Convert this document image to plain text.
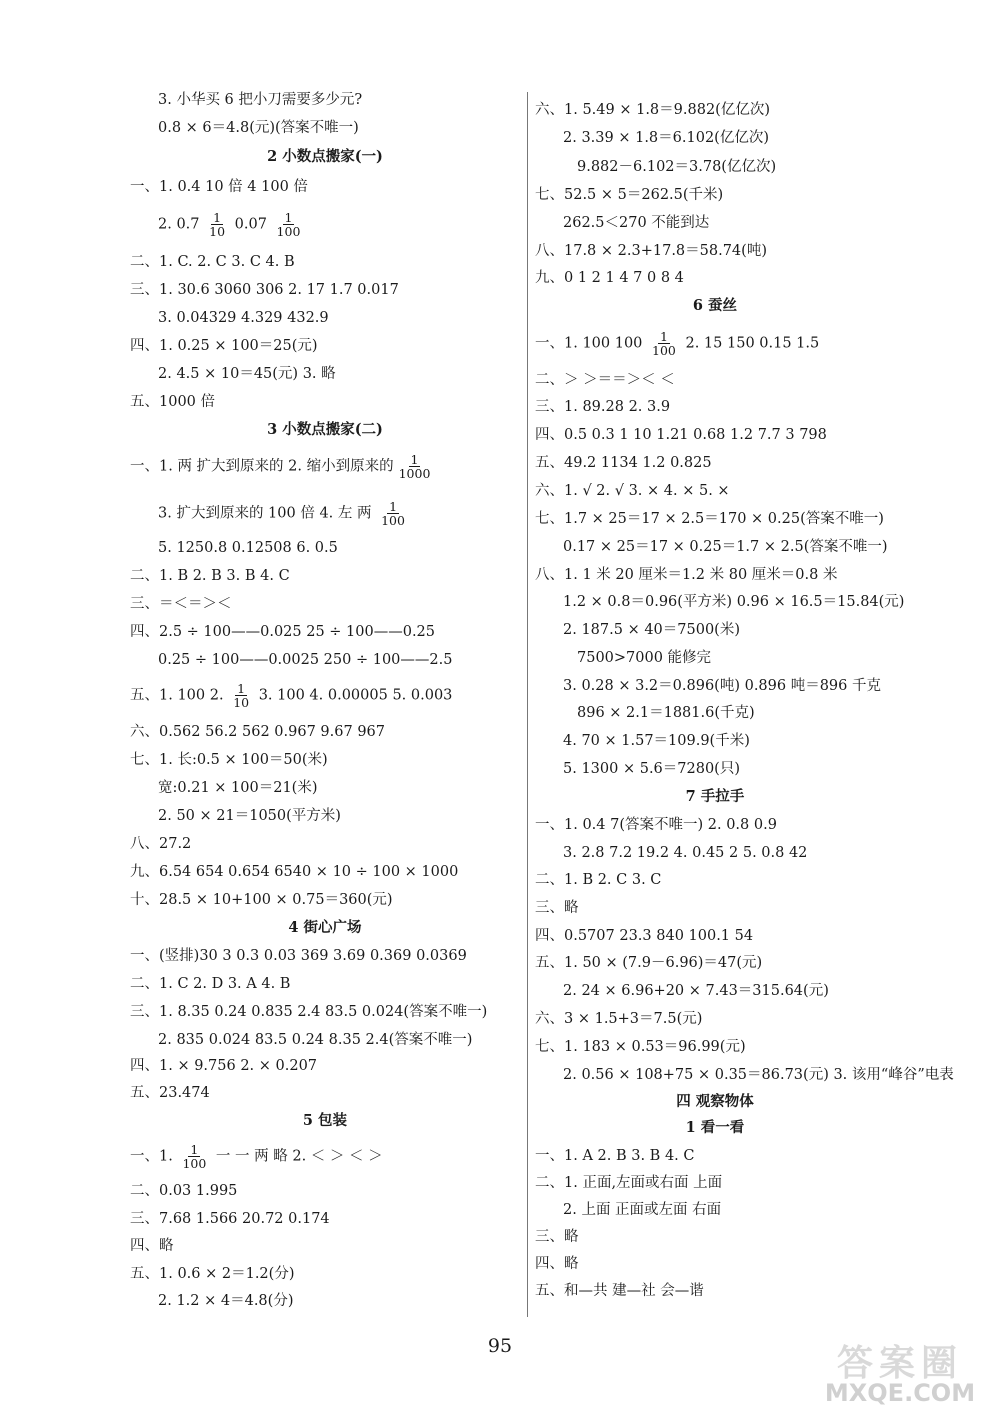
3. 小华买 6 把小刀需要多少元?
0.8 × 6＝4.8(元)(答案不唯一)
2 小数点搬家(一)
一、1. 0.4 10 倍 4 100 倍
2. $0.7 \frac{1}{10} 0.07 \frac{1}{100}$
二、1. C. 2. C 3. C 4. B
三、1. 30.6 3060 306 2. 17 1.7 0.017
3. 0.04329 4.329 432.9
四、1. 0.25 × 100＝25(元)
2. 4.5 × 10＝45(元) 3. 略
五、1000 倍
3 小数点搬家(二)
一、1. 两 扩大到原来的 2. 缩小到原来的 $\frac{1}{1000}$
3. 扩大到原来的 100 倍 4. 左 两 $\frac{1}{100}$
5. 1250.8 0.12508 6. 0.5
二、1. B 2. B 3. B 4. C
三、＝＜＝＞＜
四、2.5 ÷ 100——0.025 25 ÷ 100——0.25
0.25 ÷ 100——0.0025 250 ÷ 100——2.5
五、1. 100 2. $\frac{1}{10} 3$. 100 4. 0.00005 5. 0.003
六、0.562 56.2 562 0.967 9.67 967
七、1. 长:0.5 × 100＝50(米)
宽:0.21 × 100＝21(米)
2. 50 × 21＝1050(平方米)
八、27.2
九、6.54 654 0.654 6540 × 10 ÷ 100 × 1000
十、28.5 × 10+100 × 0.75＝360(元)
4 街心广场
一、(竖排)30 3 0.3 0.03 369 3.69 0.369 0.0369
二、1. C 2. D 3. A 4. B
三、1. 8.35 0.24 0.835 2.4 83.5 0.024(答案不唯一)
2. 835 0.024 83.5 0.24 8.35 2.4(答案不唯一)
四、1. × 9.756 2. × 0.207
五、23.474
5 包装
一、1. $\frac{1}{100}$ 一 一 两 略 2. ＜ ＞ ＜ ＞
二、0.03 1.995
三、7.68 1.566 20.72 0.174
四、略
五、1. 0.6 × 2＝1.2(分)
2. 1.2 × 4＝4.8(分)
六、1. 5.49 × 1.8＝9.882(亿亿次)
2. 3.39 × 1.8＝6.102(亿亿次)
9.882－6.102＝3.78(亿亿次)
七、52.5 × 5＝262.5(千米)
262.5＜270 不能到达
八、17.8 × 2.3+17.8＝58.74(吨)
九、0 1 2 1 4 7 0 8 4
6 蚕丝
一、1. 100 $100 \frac{1}{100} 2$. 15 150 0.15 1.5
二、＞ ＞＝＝＞＜ ＜
三、1. 89.28 2. 3.9
四、0.5 0.3 1 10 1.21 0.68 1.2 7.7 3 798
五、49.2 1134 1.2 0.825
六、1. √ 2. √ 3. × 4. × 5. ×
七、1.7 × 25＝17 × 2.5＝170 × 0.25(答案不唯一)
0.17 × 25＝17 × 0.25＝1.7 × 2.5(答案不唯一)
八、1. 1 米 20 厘米＝1.2 米 80 厘米＝0.8 米
1.2 × 0.8＝0.96(平方米) 0.96 × 16.5＝15.84(元)
2. 187.5 × 40＝7500(米)
7500>7000 能修完
3. 0.28 × 3.2＝0.896(吨) 0.896 吨＝896 千克
896 × 2.1＝1881.6(千克)
4. 70 × 1.57＝109.9(千米)
5. 1300 × 5.6＝7280(只)
7 手拉手
一、1. 0.4 7(答案不唯一) 2. 0.8 0.9
3. 2.8 7.2 19.2 4. 0.45 2 5. 0.8 42
二、1. B 2. C 3. C
三、略
四、0.5707 23.3 840 100.1 54
五、1. 50 × (7.9－6.96)＝47(元)
2. 24 × 6.96+20 × 7.43＝315.64(元)
六、3 × 1.5+3＝7.5(元)
七、1. 183 × 0.53＝96.99(元)
2. 0.56 × 108+75 × 0.35＝86.73(元) 3. 该用“峰谷”电表
四 观察物体
1 看一看
一、1. A 2. B 3. B 4. C
二、1. 正面,左面或右面 上面
2. 上面 正面或左面 右面
三、略
四、略
五、和—共 建—社 会—谐
95	答案圈
MXQE.COM
